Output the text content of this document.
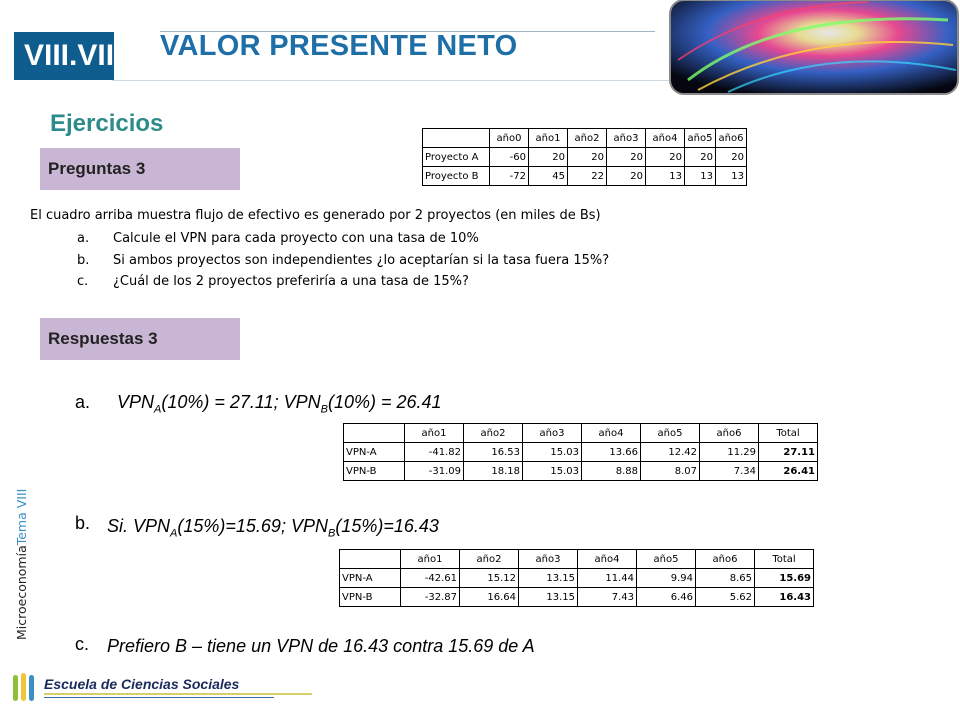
VIII.VII VALOR PRESENTE NETO
Ejercicios
Preguntas 3
	año0	año1	año2	año3	año4	año5	año6
Proyecto A	-60	20	20	20	20	20	20
Proyecto B	-72	45	22	20	13	13	13
El cuadro arriba muestra flujo de efectivo es generado por 2 proyectos (en miles de Bs)
a. Calcule el VPN para cada proyecto con una tasa de 10%
b. Si ambos proyectos son independientes ¿lo aceptarían si la tasa fuera 15%?
c. ¿Cuál de los 2 proyectos preferiría a una tasa de 15%?
Respuestas 3
a. $VPN_A(10\%) = 27.11$; $VPN_B(10\%) = 26.41$
	año1	año2	año3	año4	año5	año6	Total
VPN-A	-41.82	16.53	15.03	13.66	12.42	11.29	27.11
VPN-B	-31.09	18.18	15.03	8.88	8.07	7.34	26.41
b. Si. $VPN_A(15\%)=15.69$; $VPN_B(15\%)=16.43$
	año1	año2	año3	año4	año5	año6	Total
VPN-A	-42.61	15.12	13.15	11.44	9.94	8.65	15.69
VPN-B	-32.87	16.64	13.15	7.43	6.46	5.62	16.43
c. Prefiero B – tiene un VPN de 16.43 contra 15.69 de A
MicroeconomíaTema VIII
Escuela de Ciencias Sociales
